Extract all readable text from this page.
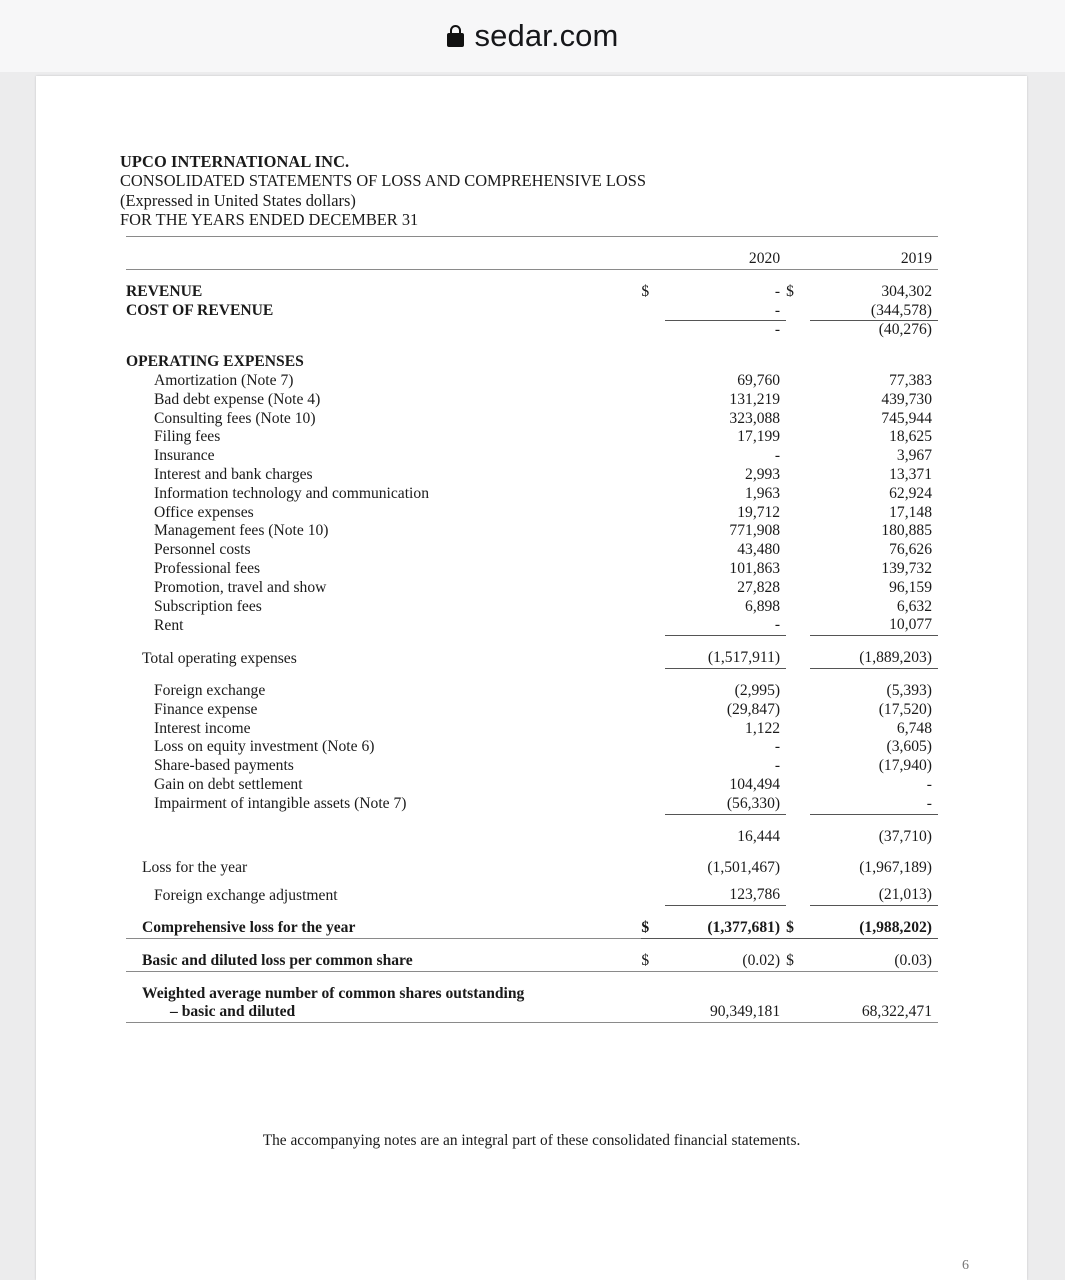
sedar.com
UPCO INTERNATIONAL INC.
CONSOLIDATED STATEMENTS OF LOSS AND COMPREHENSIVE LOSS
(Expressed in United States dollars)
FOR THE YEARS ENDED DECEMBER 31

		2020		2019

REVENUE	$	-	$	304,302
COST OF REVENUE		-		(344,578)
		-		(40,276)

OPERATING EXPENSES				
Amortization (Note 7)		69,760		77,383
Bad debt expense (Note 4)		131,219		439,730
Consulting fees (Note 10)		323,088		745,944
Filing fees		17,199		18,625
Insurance		-		3,967
Interest and bank charges		2,993		13,371
Information technology and communication		1,963		62,924
Office expenses		19,712		17,148
Management fees (Note 10)		771,908		180,885
Personnel costs		43,480		76,626
Professional fees		101,863		139,732
Promotion, travel and show		27,828		96,159
Subscription fees		6,898		6,632
Rent		-		10,077

Total operating expenses		(1,517,911)		(1,889,203)

Foreign exchange		(2,995)		(5,393)
Finance expense		(29,847)		(17,520)
Interest income		1,122		6,748
Loss on equity investment (Note 6)		-		(3,605)
Share-based payments		-		(17,940)
Gain on debt settlement		104,494		-
Impairment of intangible assets (Note 7)		(56,330)		-

		16,444		(37,710)

Loss for the year		(1,501,467)		(1,967,189)

Foreign exchange adjustment		123,786		(21,013)

Comprehensive loss for the year	$	(1,377,681)	$	(1,988,202)

Basic and diluted loss per common share	$	(0.02)	$	(0.03)

Weighted average number of common shares outstanding				
– basic and diluted		90,349,181		68,322,471
The accompanying notes are an integral part of these consolidated financial statements.
6
